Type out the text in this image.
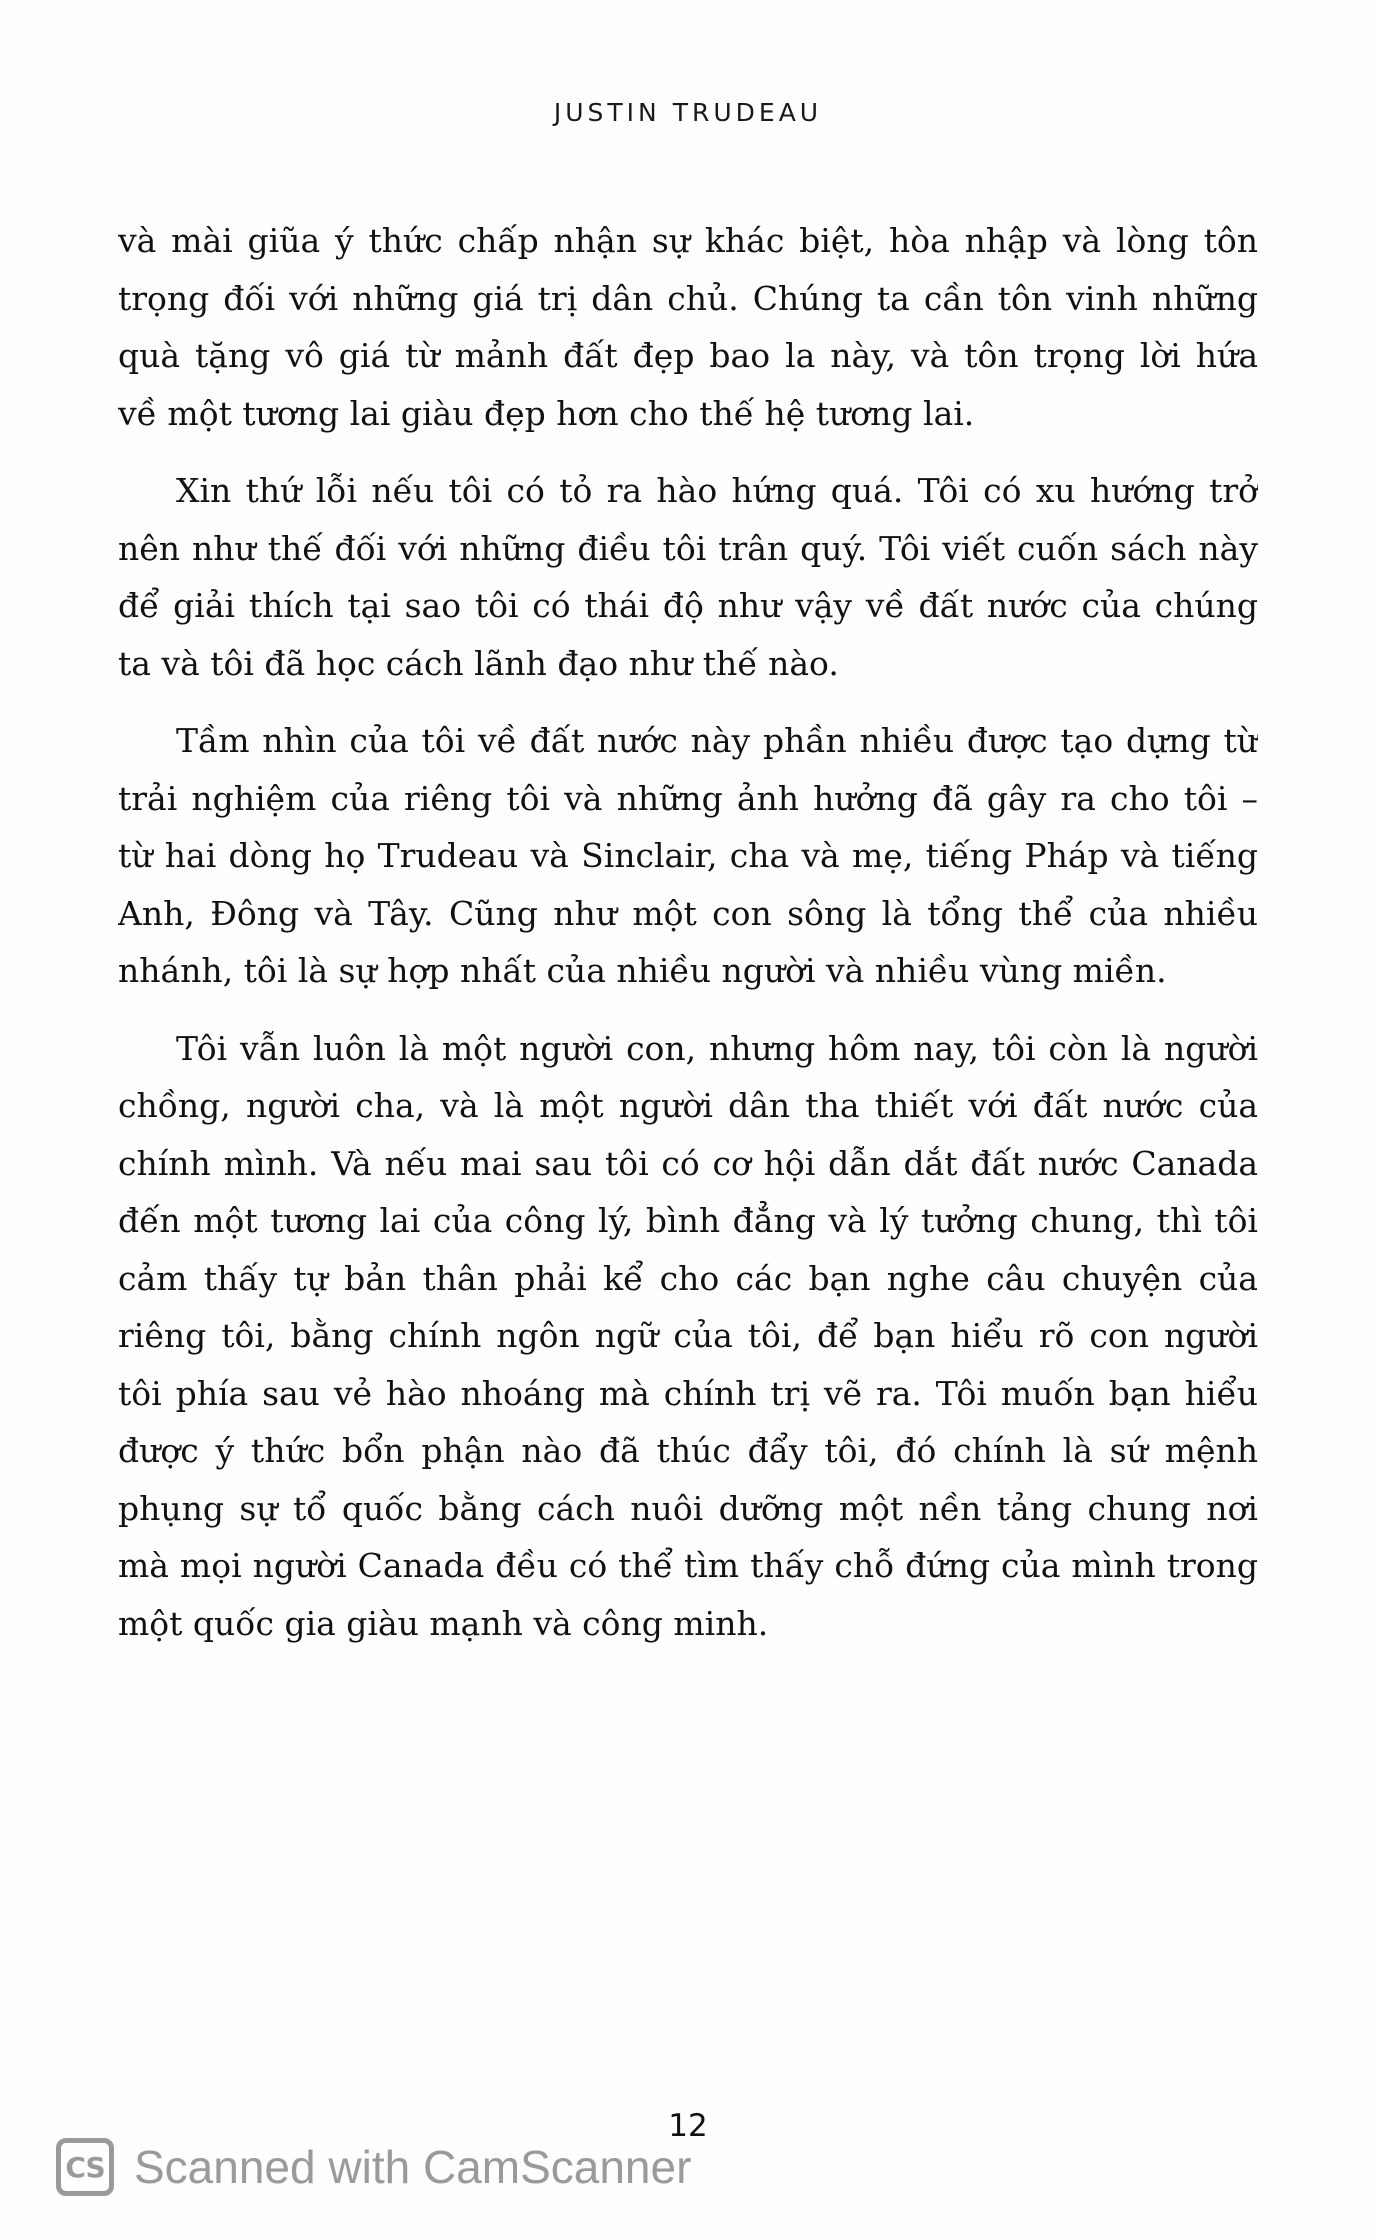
JUSTIN TRUDEAU

và mài giũa ý thức chấp nhận sự khác biệt, hòa nhập và lòng tôn
trọng đối với những giá trị dân chủ. Chúng ta cần tôn vinh những
quà tặng vô giá từ mảnh đất đẹp bao la này, và tôn trọng lời hứa
về một tương lai giàu đẹp hơn cho thế hệ tương lai.

Xin thứ lỗi nếu tôi có tỏ ra hào hứng quá. Tôi có xu hướng trở
nên như thế đối với những điều tôi trân quý. Tôi viết cuốn sách này
để giải thích tại sao tôi có thái độ như vậy về đất nước của chúng
ta và tôi đã học cách lãnh đạo như thế nào.

Tầm nhìn của tôi về đất nước này phần nhiều được tạo dựng từ
trải nghiệm của riêng tôi và những ảnh hưởng đã gây ra cho tôi –
từ hai dòng họ Trudeau và Sinclair, cha và mẹ, tiếng Pháp và tiếng
Anh, Đông và Tây. Cũng như một con sông là tổng thể của nhiều
nhánh, tôi là sự hợp nhất của nhiều người và nhiều vùng miền.

Tôi vẫn luôn là một người con, nhưng hôm nay, tôi còn là người
chồng, người cha, và là một người dân tha thiết với đất nước của
chính mình. Và nếu mai sau tôi có cơ hội dẫn dắt đất nước Canada
đến một tương lai của công lý, bình đẳng và lý tưởng chung, thì tôi
cảm thấy tự bản thân phải kể cho các bạn nghe câu chuyện của
riêng tôi, bằng chính ngôn ngữ của tôi, để bạn hiểu rõ con người
tôi phía sau vẻ hào nhoáng mà chính trị vẽ ra. Tôi muốn bạn hiểu
được ý thức bổn phận nào đã thúc đẩy tôi, đó chính là sứ mệnh
phụng sự tổ quốc bằng cách nuôi dưỡng một nền tảng chung nơi
mà mọi người Canada đều có thể tìm thấy chỗ đứng của mình trong
một quốc gia giàu mạnh và công minh.

12
CS Scanned with CamScanner
